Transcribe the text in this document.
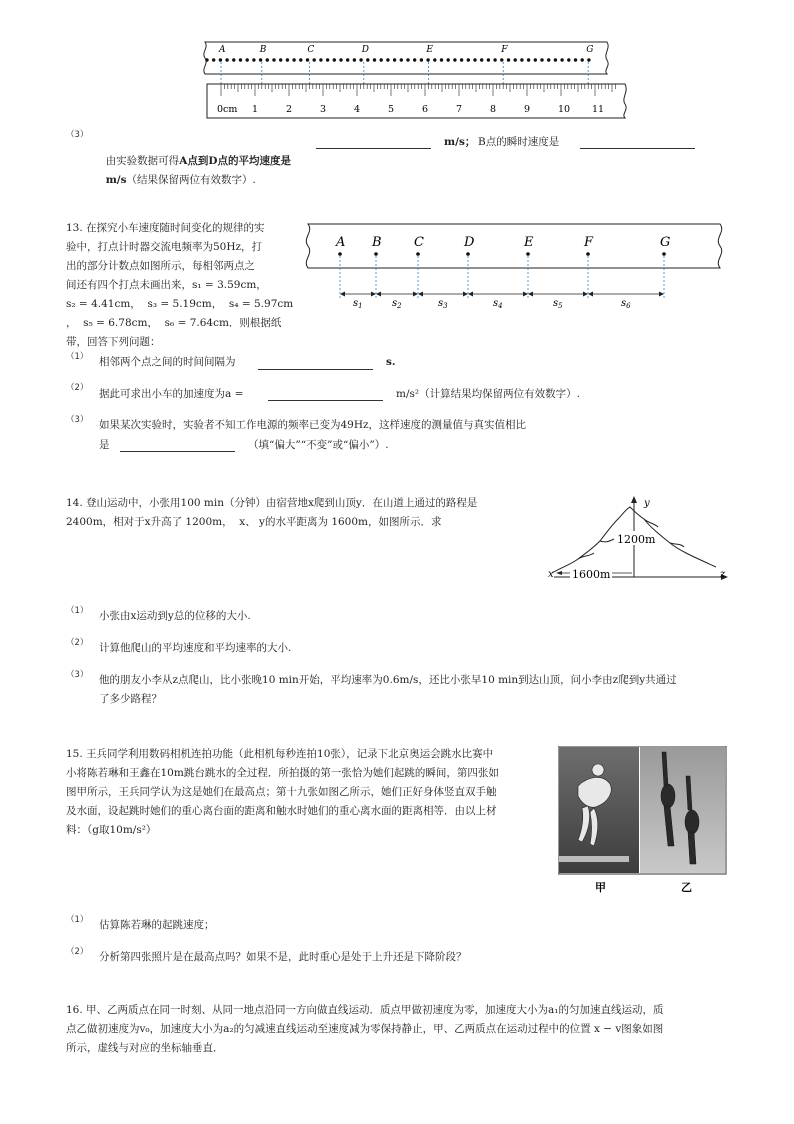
A	B	C	D	E	F	G
0cm 1	2	3	4	5	6	7	8	9	10 11
（3）

由实验数据可得A点到D点的平均速度是

m/s； B点的瞬时速度是

m/s（结果保留两位有效数字）.

13. 在探究小车速度随时间变化的规律的实
验中，打点计时器交流电频率为50Hz，打
出的部分计数点如图所示，每相邻两点之
间还有四个打点未画出来，s₁ = 3.59cm，
s₂ = 4.41cm，  s₃ = 5.19cm，  s₄ = 5.97cm
，  s₅ = 6.78cm，  s₆ = 7.64cm．则根据纸
带，回答下列问题：
A B C	D	E	F	G
$s_1$	$s_2$	$s_3$	$s_4$	$s_5$	$s_6$
（1） 相邻两个点之间的时间间隔为	s.
（2） 据此可求出小车的加速度为a =	m/s²（计算结果均保留两位有效数字）.
（3） 如果某次实验时，实验者不知工作电源的频率已变为49Hz，这样速度的测量值与真实值相比
是	（填“偏大”“不变”或“偏小”）.
14. 登山运动中，小张用100 min（分钟）由宿营地x爬到山顶y．在山道上通过的路程是
2400m，相对于x升高了 1200m，  x、 y的水平距离为 1600m，如图所示．求
1200m
1600m
x
y
z
（1） 小张由x运动到y总的位移的大小.
（2） 计算他爬山的平均速度和平均速率的大小.
（3） 他的朋友小李从z点爬山，比小张晚10 min开始，平均速率为0.6m/s，还比小张早10 min到达山顶，问小李由z爬到y共通过
了多少路程？
15. 王兵同学利用数码相机连拍功能（此相机每秒连拍10张），记录下北京奥运会跳水比赛中
小将陈若琳和王鑫在10m跳台跳水的全过程．所拍摄的第一张恰为她们起跳的瞬间，第四张如
图甲所示，王兵同学认为这是她们在最高点；第十九张如图乙所示，她们正好身体竖直双手触
及水面，设起跳时她们的重心离台面的距离和触水时她们的重心离水面的距离相等．由以上材
料：（g取10m/s²）
甲	乙
（1） 估算陈若琳的起跳速度；
（2） 分析第四张照片是在最高点吗？如果不是，此时重心是处于上升还是下降阶段？
16. 甲、乙两质点在同一时刻、从同一地点沿同一方向做直线运动．质点甲做初速度为零，加速度大小为a₁的匀加速直线运动，质
点乙做初速度为v₀，加速度大小为a₂的匀减速直线运动至速度减为零保持静止，甲、乙两质点在运动过程中的位置 x − v图象如图
所示，虚线与对应的坐标轴垂直．
